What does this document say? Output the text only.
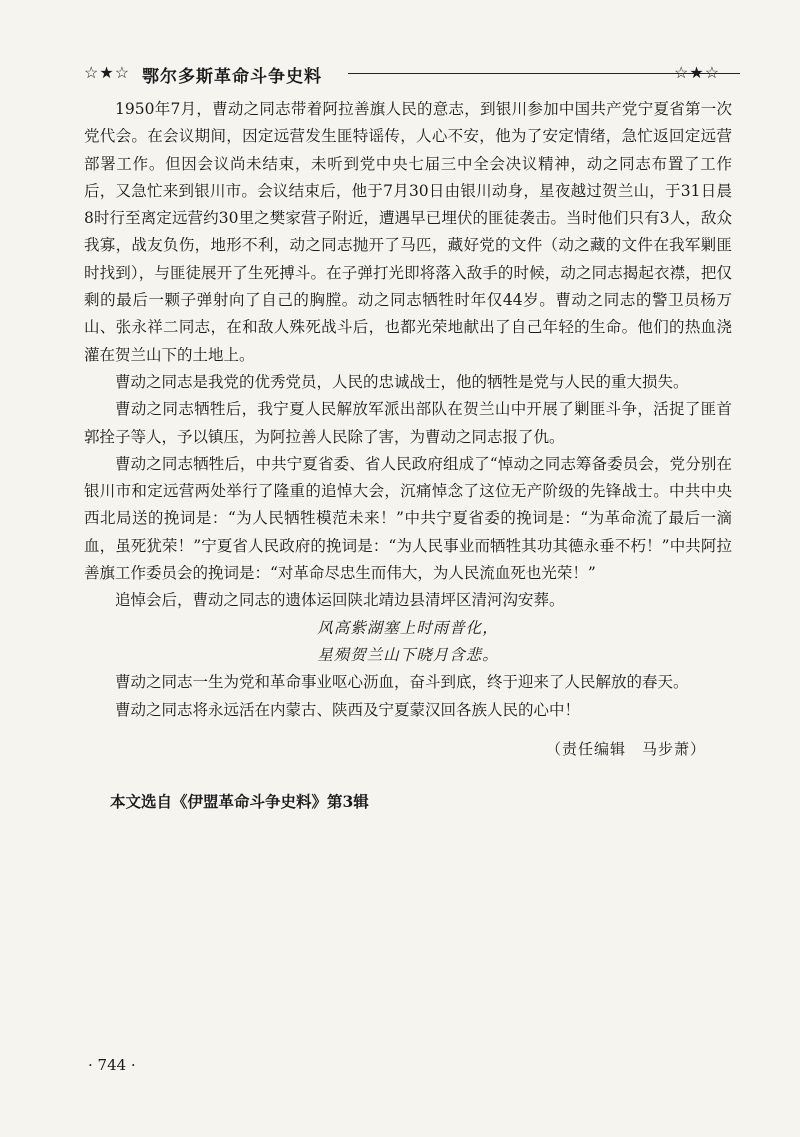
☆★☆ 鄂尔多斯革命斗争史料	☆★☆

1950年7月，曹动之同志带着阿拉善旗人民的意志，到银川参加中国共产党宁夏省第一次党代会。在会议期间，因定远营发生匪特谣传，人心不安，他为了安定情绪，急忙返回定远营部署工作。但因会议尚未结束，未听到党中央七届三中全会决议精神，动之同志布置了工作后，又急忙来到银川市。会议结束后，他于7月30日由银川动身，星夜越过贺兰山，于31日晨8时行至离定远营约30里之樊家营子附近，遭遇早已埋伏的匪徒袭击。当时他们只有3人，敌众我寡，战友负伤，地形不利，动之同志抛开了马匹，藏好党的文件（动之藏的文件在我军剿匪时找到），与匪徒展开了生死搏斗。在子弹打光即将落入敌手的时候，动之同志揭起衣襟，把仅剩的最后一颗子弹射向了自己的胸膛。动之同志牺牲时年仅44岁。曹动之同志的警卫员杨万山、张永祥二同志，在和敌人殊死战斗后，也都光荣地献出了自己年轻的生命。他们的热血浇灌在贺兰山下的土地上。

曹动之同志是我党的优秀党员，人民的忠诚战士，他的牺牲是党与人民的重大损失。

曹动之同志牺牲后，我宁夏人民解放军派出部队在贺兰山中开展了剿匪斗争，活捉了匪首郭拴子等人，予以镇压，为阿拉善人民除了害，为曹动之同志报了仇。

曹动之同志牺牲后，中共宁夏省委、省人民政府组成了“悼动之同志筹备委员会，党分别在银川市和定远营两处举行了隆重的追悼大会，沉痛悼念了这位无产阶级的先锋战士。中共中央西北局送的挽词是：“为人民牺牲模范未来！”中共宁夏省委的挽词是：“为革命流了最后一滴血，虽死犹荣！”宁夏省人民政府的挽词是：“为人民事业而牺牲其功其德永垂不朽！”中共阿拉善旗工作委员会的挽词是：“对革命尽忠生而伟大，为人民流血死也光荣！”

追悼会后，曹动之同志的遗体运回陕北靖边县清坪区清河沟安葬。

风高紫湖塞上时雨普化，

星殒贺兰山下晓月含悲。

曹动之同志一生为党和革命事业呕心沥血，奋斗到底，终于迎来了人民解放的春天。

曹动之同志将永远活在内蒙古、陕西及宁夏蒙汉回各族人民的心中！

（责任编辑　马步萧）
本文选自《伊盟革命斗争史料》第3辑
· 744 ·
